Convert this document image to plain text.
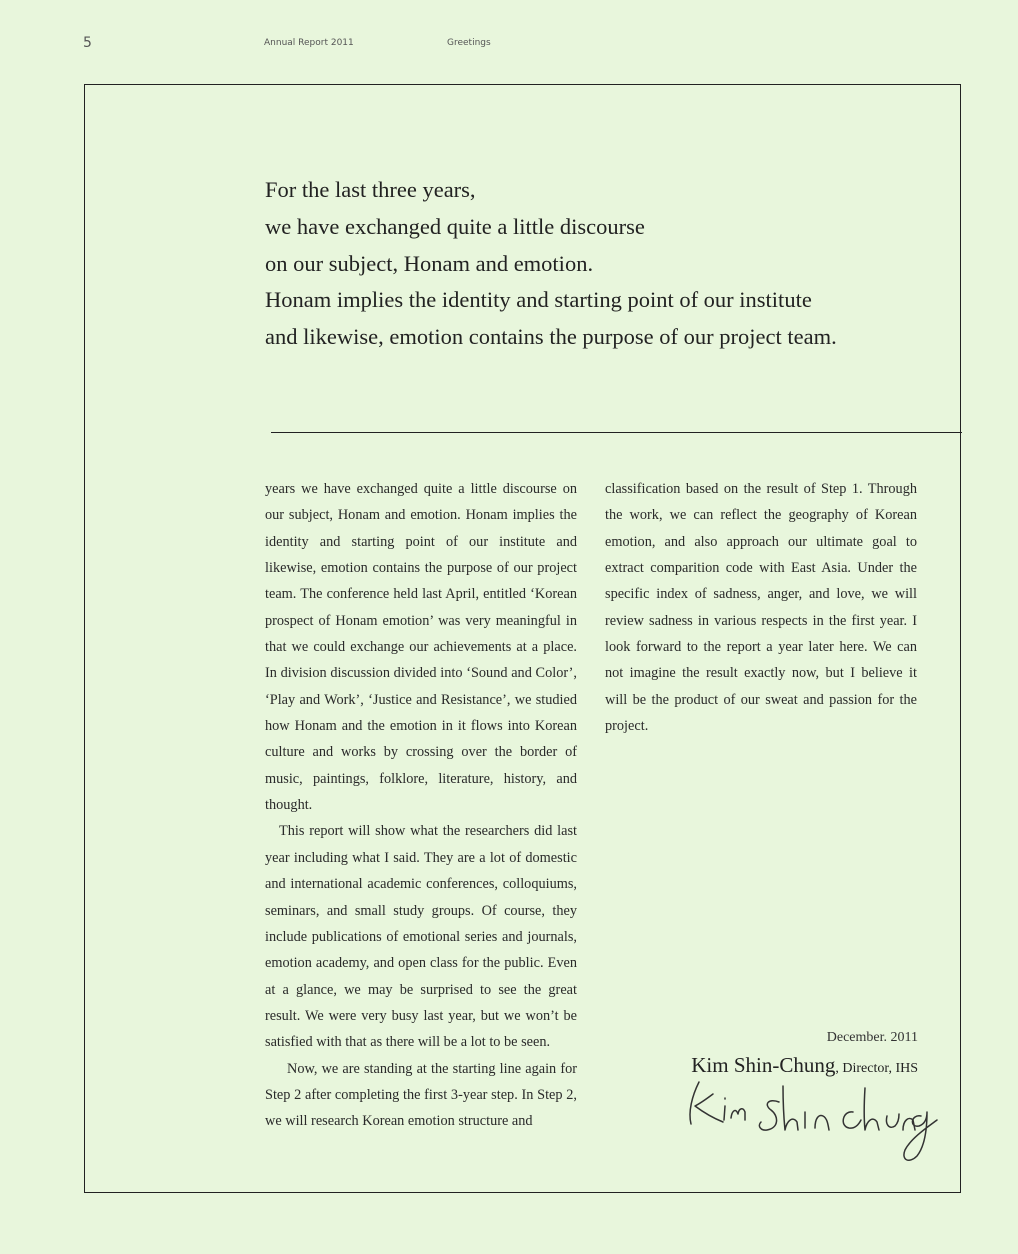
5	Annual Report 2011	Greetings
For the last three years,
we have exchanged quite a little discourse
on our subject, Honam and emotion.
Honam implies the identity and starting point of our institute
and likewise, emotion contains the purpose of our project team.

years we have exchanged quite a little discourse on our subject, Honam and emotion. Honam implies the identity and starting point of our institute and likewise, emotion contains the purpose of our project team. The conference held last April, entitled ‘Korean prospect of Honam emotion’ was very meaningful in that we could exchange our achievements at a place. In division discussion divided into ‘Sound and Color’, ‘Play and Work’, ‘Justice and Resistance’, we studied how Honam and the emotion in it flows into Korean culture and works by crossing over the border of music, paintings, folklore, literature, history, and thought.

This report will show what the researchers did last year including what I said. They are a lot of domestic and international academic conferences, colloquiums, seminars, and small study groups. Of course, they include publications of emotional series and journals, emotion academy, and open class for the public. Even at a glance, we may be surprised to see the great result. We were very busy last year, but we won’t be satisfied with that as there will be a lot to be seen.

Now, we are standing at the starting line again for Step 2 after completing the first 3-year step. In Step 2, we will research Korean emotion structure and

classification based on the result of Step 1. Through the work, we can reflect the geography of Korean emotion, and also approach our ultimate goal to extract comparition code with East Asia. Under the specific index of sadness, anger, and love, we will review sadness in various respects in the first year. I look forward to the report a year later here. We can not imagine the result exactly now, but I believe it will be the product of our sweat and passion for the project.

December. 2011
Kim Shin-Chung, Director, IHS
